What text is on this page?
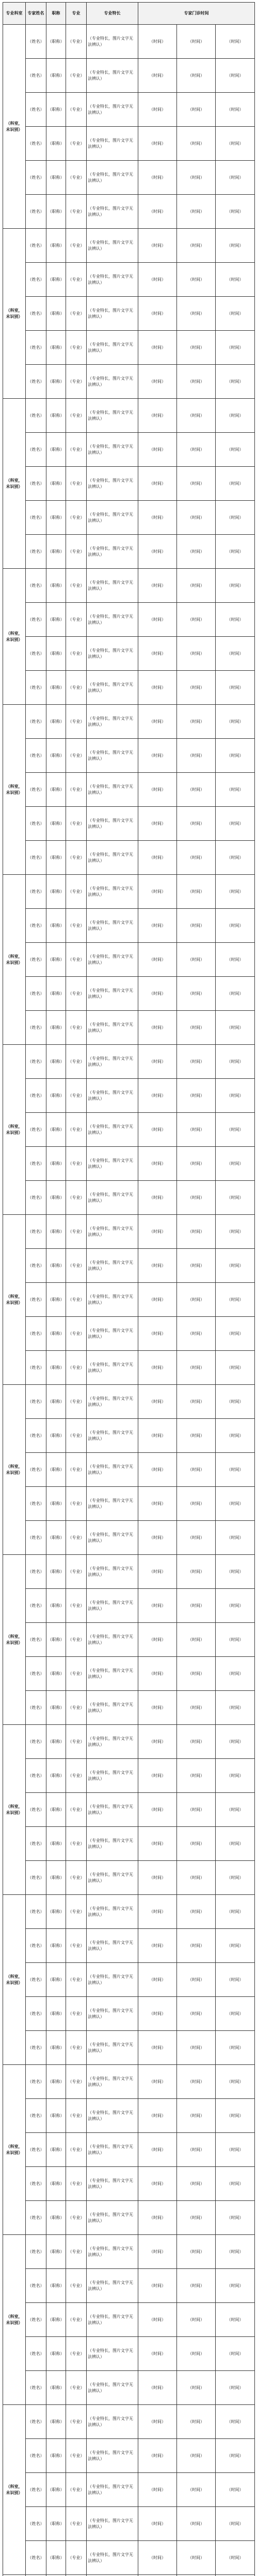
专业科室	专家姓名	职称	专业	专业特长	专家门诊时间		
（科室，未识别）	（姓名）	（职称）	（专业）	（专业特长，图片文字无法辨认）	（时间）	（时间）	（时间）
	（姓名）	（职称）	（专业）	（专业特长，图片文字无法辨认）	（时间）	（时间）	（时间）
	（姓名）	（职称）	（专业）	（专业特长，图片文字无法辨认）	（时间）	（时间）	（时间）
	（姓名）	（职称）	（专业）	（专业特长，图片文字无法辨认）	（时间）	（时间）	（时间）
	（姓名）	（职称）	（专业）	（专业特长，图片文字无法辨认）	（时间）	（时间）	（时间）
	（姓名）	（职称）	（专业）	（专业特长，图片文字无法辨认）	（时间）	（时间）	（时间）
（科室，未识别）	（姓名）	（职称）	（专业）	（专业特长，图片文字无法辨认）	（时间）	（时间）	（时间）
	（姓名）	（职称）	（专业）	（专业特长，图片文字无法辨认）	（时间）	（时间）	（时间）
	（姓名）	（职称）	（专业）	（专业特长，图片文字无法辨认）	（时间）	（时间）	（时间）
	（姓名）	（职称）	（专业）	（专业特长，图片文字无法辨认）	（时间）	（时间）	（时间）
	（姓名）	（职称）	（专业）	（专业特长，图片文字无法辨认）	（时间）	（时间）	（时间）
（科室，未识别）	（姓名）	（职称）	（专业）	（专业特长，图片文字无法辨认）	（时间）	（时间）	（时间）
	（姓名）	（职称）	（专业）	（专业特长，图片文字无法辨认）	（时间）	（时间）	（时间）
	（姓名）	（职称）	（专业）	（专业特长，图片文字无法辨认）	（时间）	（时间）	（时间）
	（姓名）	（职称）	（专业）	（专业特长，图片文字无法辨认）	（时间）	（时间）	（时间）
	（姓名）	（职称）	（专业）	（专业特长，图片文字无法辨认）	（时间）	（时间）	（时间）
（科室，未识别）	（姓名）	（职称）	（专业）	（专业特长，图片文字无法辨认）	（时间）	（时间）	（时间）
	（姓名）	（职称）	（专业）	（专业特长，图片文字无法辨认）	（时间）	（时间）	（时间）
	（姓名）	（职称）	（专业）	（专业特长，图片文字无法辨认）	（时间）	（时间）	（时间）
	（姓名）	（职称）	（专业）	（专业特长，图片文字无法辨认）	（时间）	（时间）	（时间）
（科室，未识别）	（姓名）	（职称）	（专业）	（专业特长，图片文字无法辨认）	（时间）	（时间）	（时间）
	（姓名）	（职称）	（专业）	（专业特长，图片文字无法辨认）	（时间）	（时间）	（时间）
	（姓名）	（职称）	（专业）	（专业特长，图片文字无法辨认）	（时间）	（时间）	（时间）
	（姓名）	（职称）	（专业）	（专业特长，图片文字无法辨认）	（时间）	（时间）	（时间）
	（姓名）	（职称）	（专业）	（专业特长，图片文字无法辨认）	（时间）	（时间）	（时间）
（科室，未识别）	（姓名）	（职称）	（专业）	（专业特长，图片文字无法辨认）	（时间）	（时间）	（时间）
	（姓名）	（职称）	（专业）	（专业特长，图片文字无法辨认）	（时间）	（时间）	（时间）
	（姓名）	（职称）	（专业）	（专业特长，图片文字无法辨认）	（时间）	（时间）	（时间）
	（姓名）	（职称）	（专业）	（专业特长，图片文字无法辨认）	（时间）	（时间）	（时间）
	（姓名）	（职称）	（专业）	（专业特长，图片文字无法辨认）	（时间）	（时间）	（时间）
（科室，未识别）	（姓名）	（职称）	（专业）	（专业特长，图片文字无法辨认）	（时间）	（时间）	（时间）
	（姓名）	（职称）	（专业）	（专业特长，图片文字无法辨认）	（时间）	（时间）	（时间）
	（姓名）	（职称）	（专业）	（专业特长，图片文字无法辨认）	（时间）	（时间）	（时间）
	（姓名）	（职称）	（专业）	（专业特长，图片文字无法辨认）	（时间）	（时间）	（时间）
	（姓名）	（职称）	（专业）	（专业特长，图片文字无法辨认）	（时间）	（时间）	（时间）
（科室，未识别）	（姓名）	（职称）	（专业）	（专业特长，图片文字无法辨认）	（时间）	（时间）	（时间）
	（姓名）	（职称）	（专业）	（专业特长，图片文字无法辨认）	（时间）	（时间）	（时间）
	（姓名）	（职称）	（专业）	（专业特长，图片文字无法辨认）	（时间）	（时间）	（时间）
	（姓名）	（职称）	（专业）	（专业特长，图片文字无法辨认）	（时间）	（时间）	（时间）
	（姓名）	（职称）	（专业）	（专业特长，图片文字无法辨认）	（时间）	（时间）	（时间）
（科室，未识别）	（姓名）	（职称）	（专业）	（专业特长，图片文字无法辨认）	（时间）	（时间）	（时间）
	（姓名）	（职称）	（专业）	（专业特长，图片文字无法辨认）	（时间）	（时间）	（时间）
	（姓名）	（职称）	（专业）	（专业特长，图片文字无法辨认）	（时间）	（时间）	（时间）
	（姓名）	（职称）	（专业）	（专业特长，图片文字无法辨认）	（时间）	（时间）	（时间）
	（姓名）	（职称）	（专业）	（专业特长，图片文字无法辨认）	（时间）	（时间）	（时间）
（科室，未识别）	（姓名）	（职称）	（专业）	（专业特长，图片文字无法辨认）	（时间）	（时间）	（时间）
	（姓名）	（职称）	（专业）	（专业特长，图片文字无法辨认）	（时间）	（时间）	（时间）
	（姓名）	（职称）	（专业）	（专业特长，图片文字无法辨认）	（时间）	（时间）	（时间）
	（姓名）	（职称）	（专业）	（专业特长，图片文字无法辨认）	（时间）	（时间）	（时间）
	（姓名）	（职称）	（专业）	（专业特长，图片文字无法辨认）	（时间）	（时间）	（时间）
（科室，未识别）	（姓名）	（职称）	（专业）	（专业特长，图片文字无法辨认）	（时间）	（时间）	（时间）
	（姓名）	（职称）	（专业）	（专业特长，图片文字无法辨认）	（时间）	（时间）	（时间）
	（姓名）	（职称）	（专业）	（专业特长，图片文字无法辨认）	（时间）	（时间）	（时间）
	（姓名）	（职称）	（专业）	（专业特长，图片文字无法辨认）	（时间）	（时间）	（时间）
	（姓名）	（职称）	（专业）	（专业特长，图片文字无法辨认）	（时间）	（时间）	（时间）
（科室，未识别）	（姓名）	（职称）	（专业）	（专业特长，图片文字无法辨认）	（时间）	（时间）	（时间）
	（姓名）	（职称）	（专业）	（专业特长，图片文字无法辨认）	（时间）	（时间）	（时间）
	（姓名）	（职称）	（专业）	（专业特长，图片文字无法辨认）	（时间）	（时间）	（时间）
	（姓名）	（职称）	（专业）	（专业特长，图片文字无法辨认）	（时间）	（时间）	（时间）
	（姓名）	（职称）	（专业）	（专业特长，图片文字无法辨认）	（时间）	（时间）	（时间）
（科室，未识别）	（姓名）	（职称）	（专业）	（专业特长，图片文字无法辨认）	（时间）	（时间）	（时间）
	（姓名）	（职称）	（专业）	（专业特长，图片文字无法辨认）	（时间）	（时间）	（时间）
	（姓名）	（职称）	（专业）	（专业特长，图片文字无法辨认）	（时间）	（时间）	（时间）
	（姓名）	（职称）	（专业）	（专业特长，图片文字无法辨认）	（时间）	（时间）	（时间）
	（姓名）	（职称）	（专业）	（专业特长，图片文字无法辨认）	（时间）	（时间）	（时间）
（科室，未识别）	（姓名）	（职称）	（专业）	（专业特长，图片文字无法辨认）	（时间）	（时间）	（时间）
	（姓名）	（职称）	（专业）	（专业特长，图片文字无法辨认）	（时间）	（时间）	（时间）
	（姓名）	（职称）	（专业）	（专业特长，图片文字无法辨认）	（时间）	（时间）	（时间）
	（姓名）	（职称）	（专业）	（专业特长，图片文字无法辨认）	（时间）	（时间）	（时间）
	（姓名）	（职称）	（专业）	（专业特长，图片文字无法辨认）	（时间）	（时间）	（时间）
（科室，未识别）	（姓名）	（职称）	（专业）	（专业特长，图片文字无法辨认）	（时间）	（时间）	（时间）
	（姓名）	（职称）	（专业）	（专业特长，图片文字无法辨认）	（时间）	（时间）	（时间）
	（姓名）	（职称）	（专业）	（专业特长，图片文字无法辨认）	（时间）	（时间）	（时间）
	（姓名）	（职称）	（专业）	（专业特长，图片文字无法辨认）	（时间）	（时间）	（时间）
	（姓名）	（职称）	（专业）	（专业特长，图片文字无法辨认）	（时间）	（时间）	（时间）
